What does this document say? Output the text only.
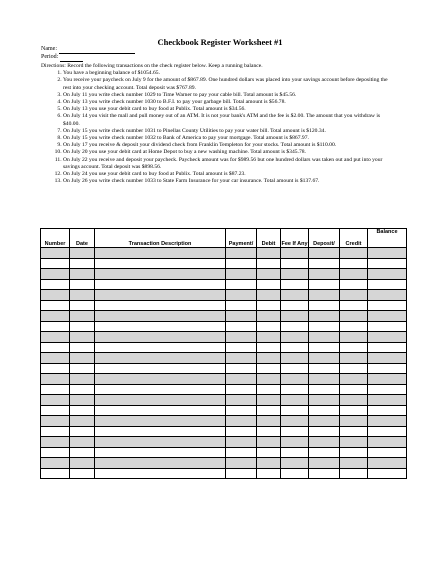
Checkbook Register Worksheet #1
Name:
Period:
Directions: Record the following transactions on the check register below. Keep a running balance.
1. You have a beginning balance of $1054.65.
2. You receive your paycheck on July 9 for the amount of $867.89. One hundred dollars was placed into your savings account before depositing the rest into your checking account. Total deposit was $767.89.
3. On July 11 you write check number 1029 to Time Warner to pay your cable bill. Total amount is $45.56.
4. On July 13 you write check number 1030 to B.F.I. to pay your garbage bill. Total amount is $56.78.
5. On July 13 you use your debit card to buy food at Publix. Total amount is $34.56.
6. On July 14 you visit the mall and pull money out of an ATM. It is not your bank's ATM and the fee is $2.00. The amount that you withdraw is $40.00.
7. On July 15 you write check number 1031 to Pinellas County Utilities to pay your water bill. Total amount is $120.34.
8. On July 15 you write check number 1032 to Bank of America to pay your mortgage. Total amount is $867.97.
9. On July 17 you receive & deposit your dividend check from Franklin Templeton for your stocks. Total amount is $110.00.
10. On July 20 you use your debit card at Home Depot to buy a new washing machine. Total amount is $345.78.
11. On July 22 you receive and deposit your paycheck. Paycheck amount was for $989.56 but one hundred dollars was taken out and put into your savings account. Total deposit was $898.56.
12. On July 24 you use your debit card to buy food at Publix. Total amount is $87.23.
13. On July 26 you write check number 1033 to State Farm Insurance for your car insurance. Total amount is $137.67.
Number	Date	Transaction Description	Payment/	Debit	Fee If Any	Deposit/	Credit	Balance
